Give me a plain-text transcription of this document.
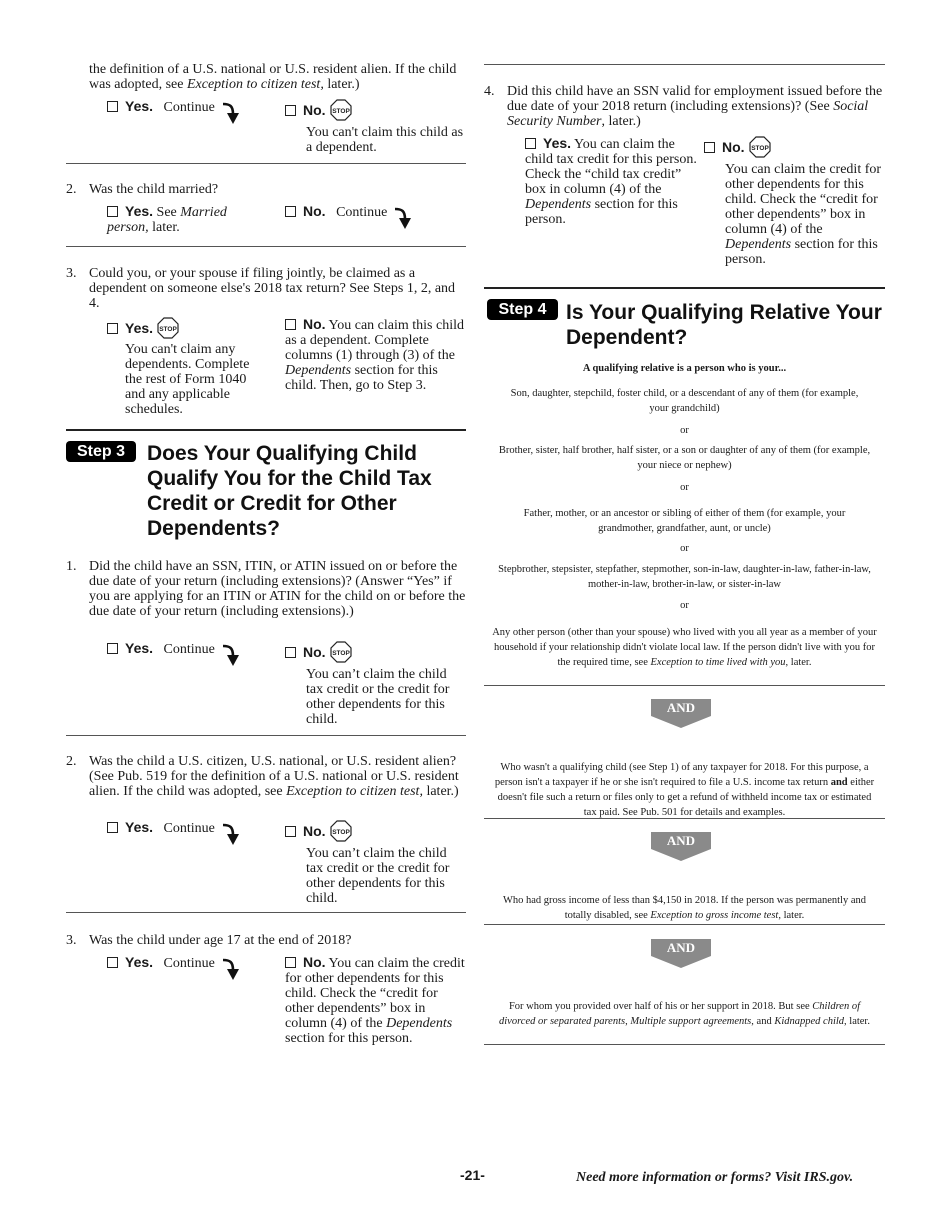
the definition of a U.S. national or U.S. resident alien. If the child was adopted, see Exception to citizen test, later.)
Yes. Continue	No.
You can't claim this child as a dependent.
2. Was the child married?
Yes. See Married person, later.
No. Continue
3. Could you, or your spouse if filing jointly, be claimed as a dependent on someone else's 2018 tax return? See Steps 1, 2, and 4.
Yes.
You can't claim any dependents. Complete the rest of Form 1040 and any applicable schedules.
No. You can claim this child as a dependent. Complete columns (1) through (3) of the Dependents section for this child. Then, go to Step 3.
Step 3	Does Your Qualifying Child Qualify You for the Child Tax Credit or Credit for Other Dependents?
1. Did the child have an SSN, ITIN, or ATIN issued on or before the due date of your return (including extensions)? (Answer “Yes” if you are applying for an ITIN or ATIN for the child on or before the due date of your return (including extensions).)
Yes. Continue	No.
You can’t claim the child tax credit or the credit for other dependents for this child.
2. Was the child a U.S. citizen, U.S. national, or U.S. resident alien? (See Pub. 519 for the definition of a U.S. national or U.S. resident alien. If the child was adopted, see Exception to citizen test, later.)
Yes. Continue	No.
You can’t claim the child tax credit or the credit for other dependents for this child.
3. Was the child under age 17 at the end of 2018?
Yes. Continue	No. You can claim the credit for other dependents for this child. Check the “credit for other dependents” box in column (4) of the Dependents section for this person.
4. Did this child have an SSN valid for employment issued before the due date of your 2018 return (including extensions)? (See Social Security Number, later.)
Yes. You can claim the child tax credit for this person. Check the “child tax credit” box in column (4) of the Dependents section for this person.
No.
You can claim the credit for other dependents for this child. Check the “credit for other dependents” box in column (4) of the Dependents section for this person.
Step 4 Is Your Qualifying Relative Your Dependent?
A qualifying relative is a person who is your...
Son, daughter, stepchild, foster child, or a descendant of any of them (for example, your grandchild)
or
Brother, sister, half brother, half sister, or a son or daughter of any of them (for example, your niece or nephew)
or
Father, mother, or an ancestor or sibling of either of them (for example, your grandmother, grandfather, aunt, or uncle)
or
Stepbrother, stepsister, stepfather, stepmother, son-in-law, daughter-in-law, father-in-law, mother-in-law, brother-in-law, or sister-in-law
or
Any other person (other than your spouse) who lived with you all year as a member of your household if your relationship didn't violate local law. If the person didn't live with you for the required time, see Exception to time lived with you, later.
AND
Who wasn't a qualifying child (see Step 1) of any taxpayer for 2018. For this purpose, a person isn't a taxpayer if he or she isn't required to file a U.S. income tax return and either doesn't file such a return or files only to get a refund of withheld income tax or estimated tax paid. See Pub. 501 for details and examples.
AND
Who had gross income of less than $4,150 in 2018. If the person was permanently and totally disabled, see Exception to gross income test, later.
AND
For whom you provided over half of his or her support in 2018. But see Children of divorced or separated parents, Multiple support agreements, and Kidnapped child, later.
-21-	Need more information or forms? Visit IRS.gov.
